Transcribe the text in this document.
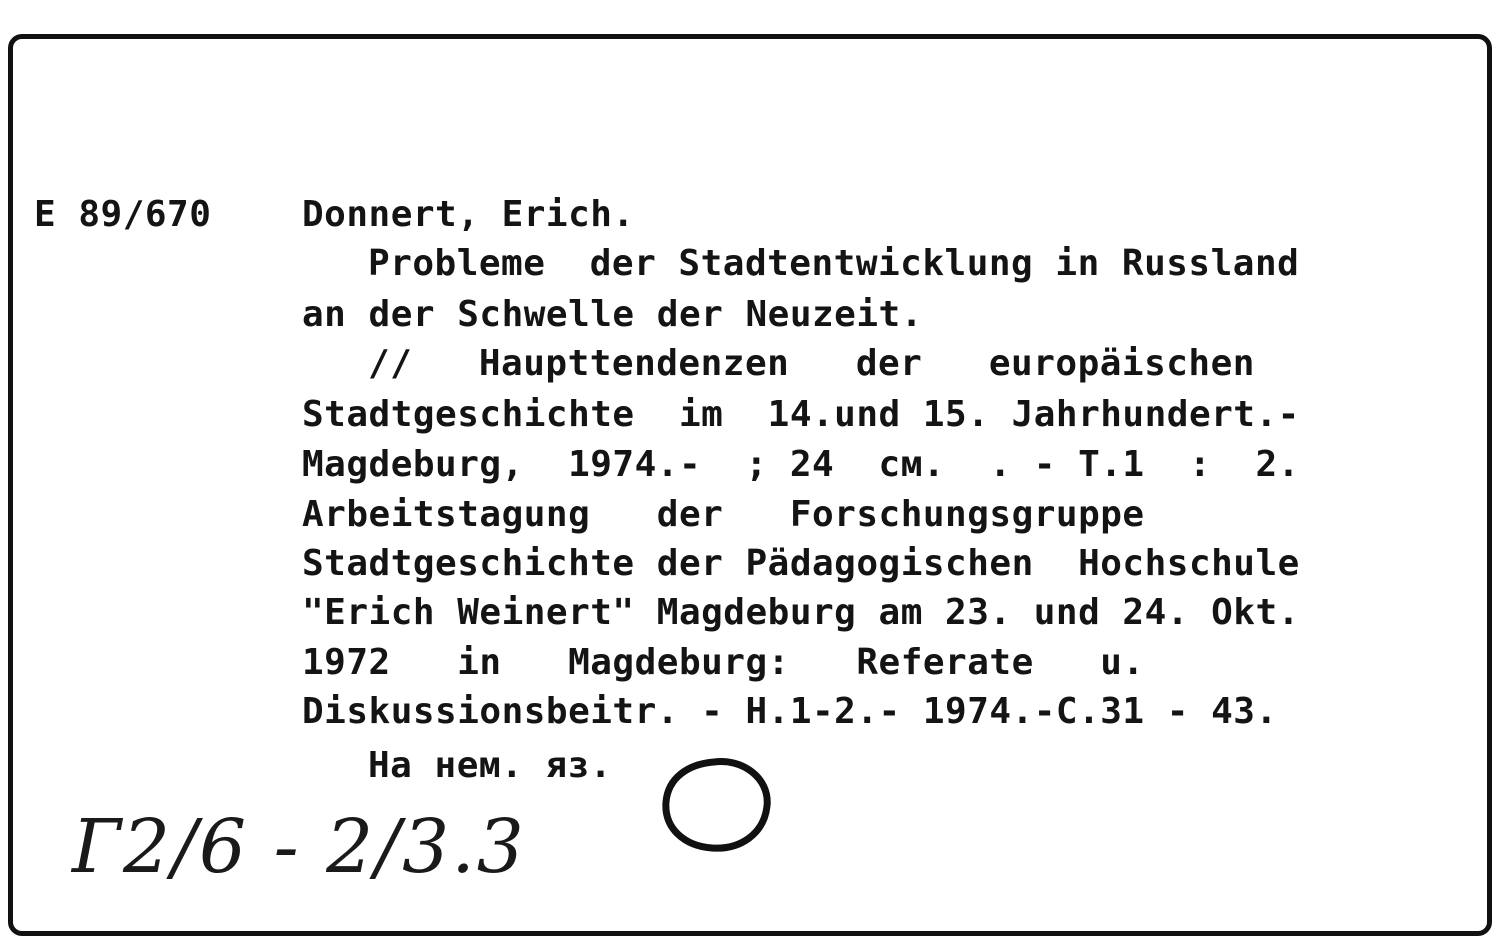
Е 89/670	Donnert, Erich.
Probleme  der Stadtentwicklung in Russland
an der Schwelle der Neuzeit.
//   Haupttendenzen   der   europäischen
Stadtgeschichte  im  14.und 15. Jahrhundert.-
Magdeburg,  1974.-  ; 24  см.  . - Т.1  :  2.
Arbeitstagung   der   Forschungsgruppe
Stadtgeschichte der Pädagogischen  Hochschule
"Erich Weinert" Magdeburg am 23. und 24. Okt.
1972   in   Magdeburg:   Referate   u.
Diskussionsbeitr. - H.1-2.- 1974.-С.31 - 43.
На нем. яз.
Г2/6 - 2/3.3
